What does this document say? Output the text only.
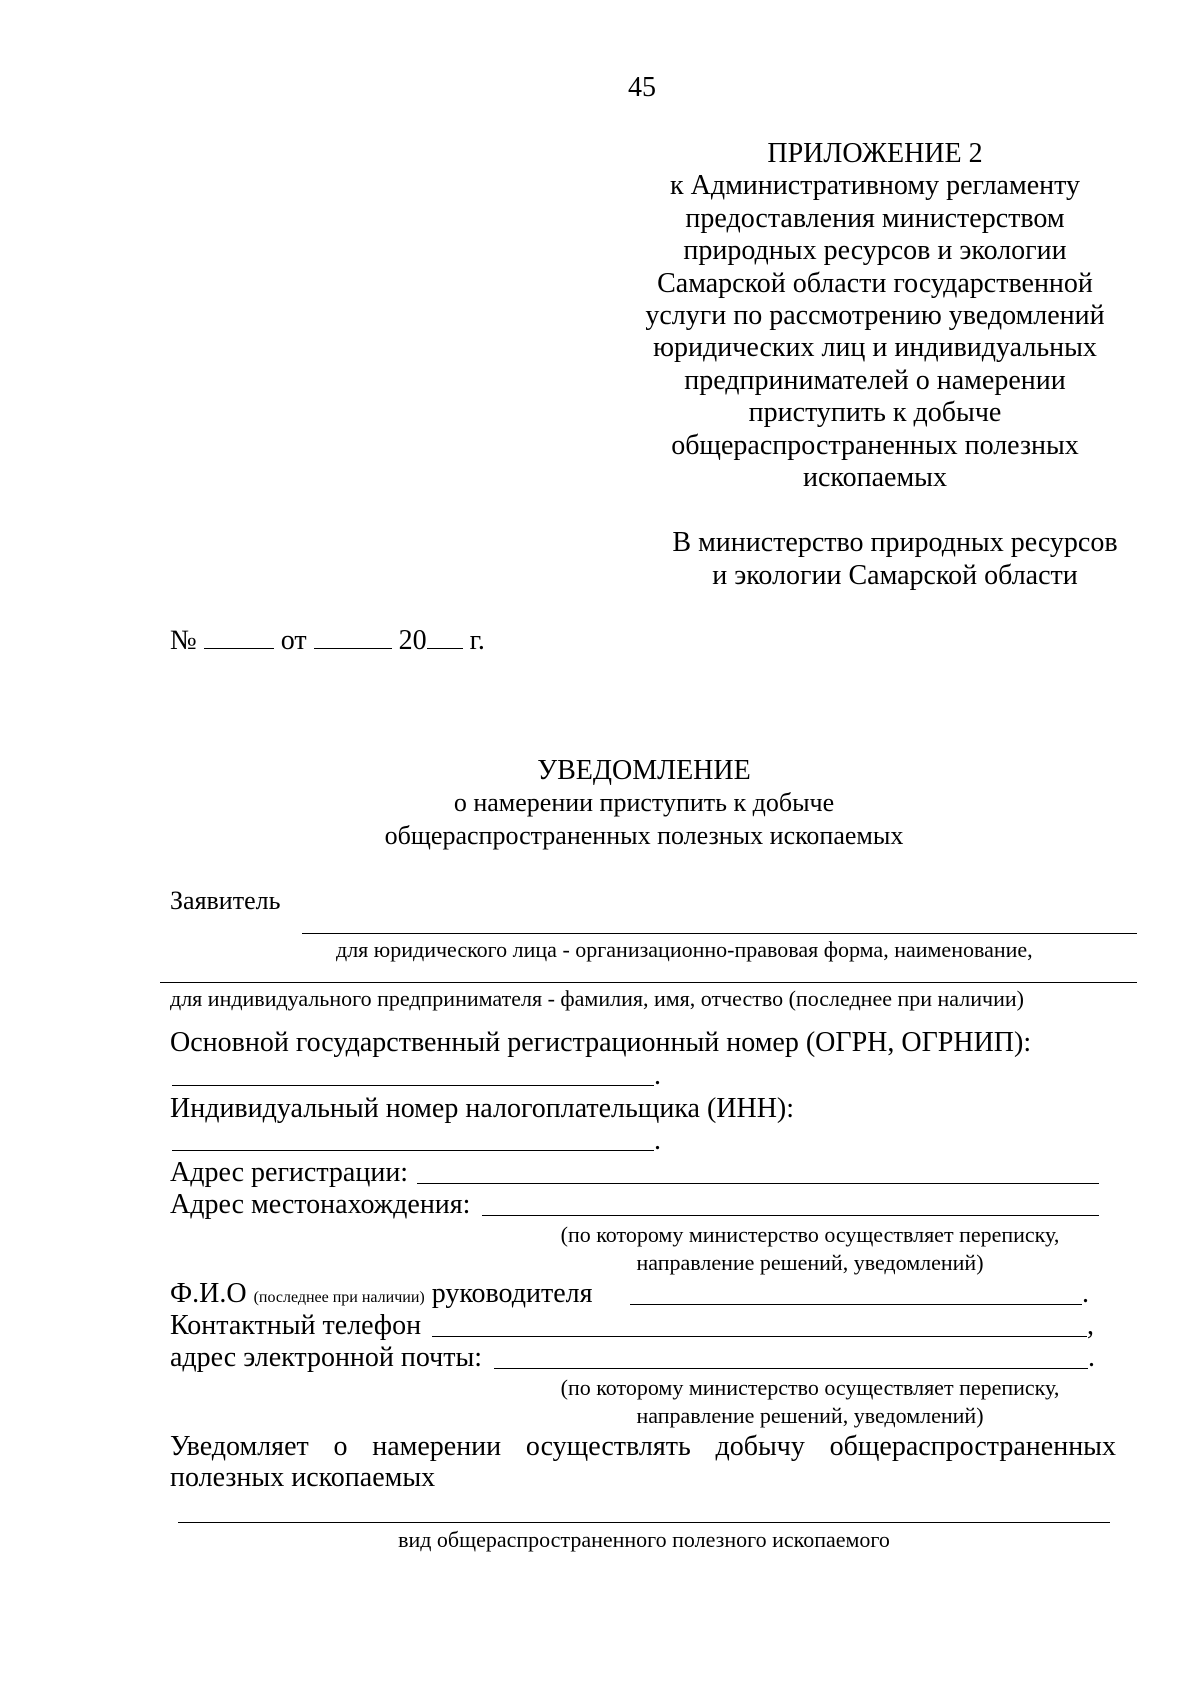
45
ПРИЛОЖЕНИЕ 2
к Административному регламенту
предоставления министерством
природных ресурсов и экологии
Самарской области государственной
услуги по рассмотрению уведомлений
юридических лиц и индивидуальных
предпринимателей о намерении
приступить к добыче
общераспространенных полезных
ископаемых
В министерство природных ресурсов
и экологии Самарской области
№	от	20 г.
УВЕДОМЛЕНИЕ
о намерении приступить к добыче
общераспространенных полезных ископаемых
Заявитель
для юридического лица - организационно-правовая форма, наименование,
для индивидуального предпринимателя - фамилия, имя, отчество (последнее при наличии)
Основной государственный регистрационный номер (ОГРН, ОГРНИП):
.
Индивидуальный номер налогоплательщика (ИНН):
.
Адрес регистрации:
Адрес местонахождения:
(по которому министерство осуществляет переписку,
направление решений, уведомлений)
Ф.И.О (последнее при наличии) руководителя	.
Контактный телефон	,
адрес электронной почты:	.
(по которому министерство осуществляет переписку,
направление решений, уведомлений)
Уведомляет о намерении осуществлять добычу общераспространенных
полезных ископаемых
вид общераспространенного полезного ископаемого
